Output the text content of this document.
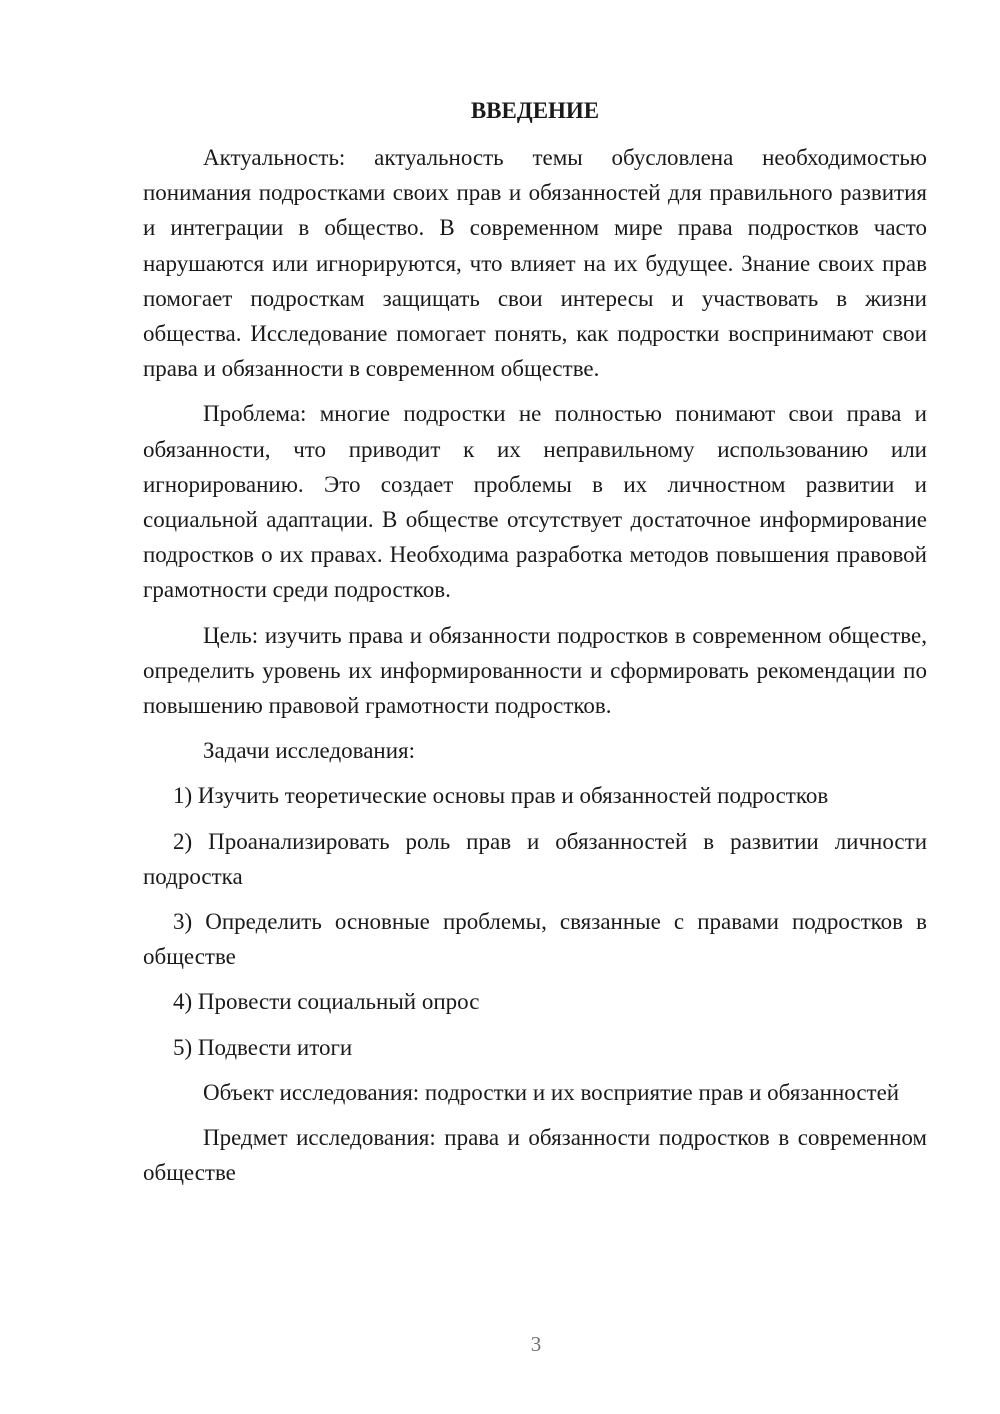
ВВЕДЕНИЕ

Актуальность: актуальность темы обусловлена необходимостью понимания подростками своих прав и обязанностей для правильного развития и интеграции в общество. В современном мире права подростков часто нарушаются или игнорируются, что влияет на их будущее. Знание своих прав помогает подросткам защищать свои интересы и участвовать в жизни общества. Исследование помогает понять, как подростки воспринимают свои права и обязанности в современном обществе.

Проблема: многие подростки не полностью понимают свои права и обязанности, что приводит к их неправильному использованию или игнорированию. Это создает проблемы в их личностном развитии и социальной адаптации. В обществе отсутствует достаточное информирование подростков о их правах. Необходима разработка методов повышения правовой грамотности среди подростков.

Цель: изучить права и обязанности подростков в современном обществе, определить уровень их информированности и сформировать рекомендации по повышению правовой грамотности подростков.

Задачи исследования:

1) Изучить теоретические основы прав и обязанностей подростков

2) Проанализировать роль прав и обязанностей в развитии личности подростка

3) Определить основные проблемы, связанные с правами подростков в обществе

4) Провести социальный опрос

5) Подвести итоги

Объект исследования: подростки и их восприятие прав и обязанностей

Предмет исследования: права и обязанности подростков в современном обществе

3
